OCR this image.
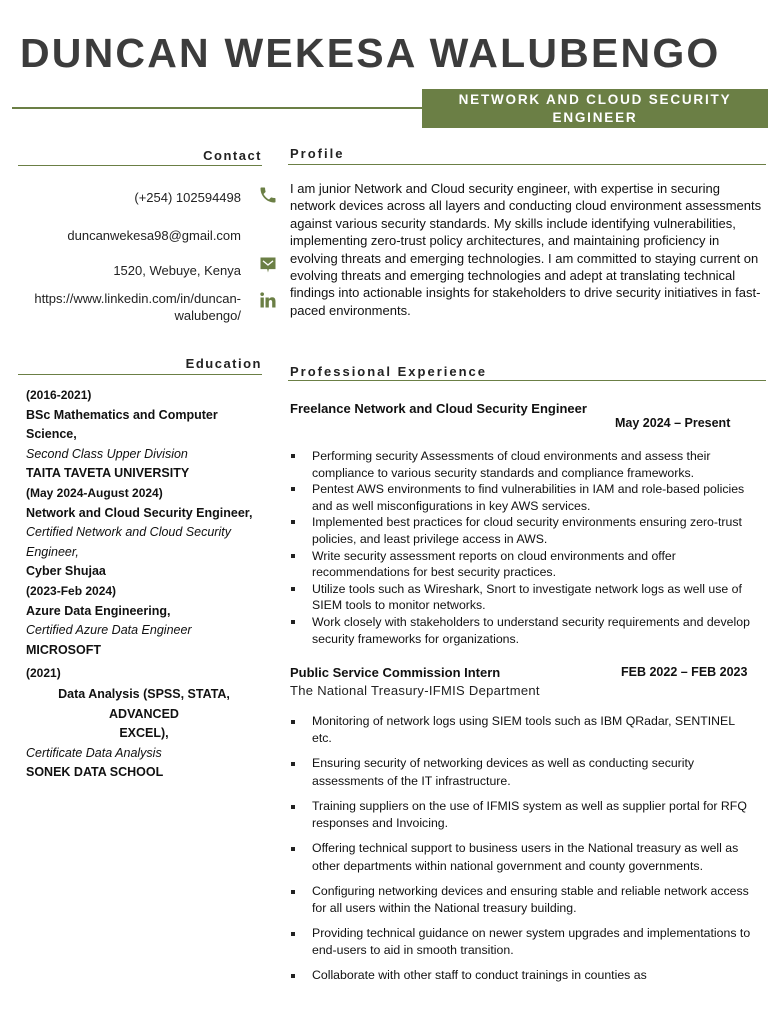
DUNCAN WEKESA WALUBENGO
NETWORK AND CLOUD SECURITY
ENGINEER
Contact
(+254) 102594498
duncanwekesa98@gmail.com
1520, Webuye, Kenya
https://www.linkedin.com/in/duncan-
walubengo/
Profile

I am junior Network and Cloud security engineer, with expertise in securing network devices across all layers and conducting cloud environment assessments against various security standards. My skills include identifying vulnerabilities, implementing zero-trust policy architectures, and maintaining proficiency in evolving threats and emerging technologies. I am committed to staying current on evolving threats and emerging technologies and adept at translating technical findings into actionable insights for stakeholders to drive security initiatives in fast-paced environments.

Education
(2016-2021)
BSc Mathematics and Computer Science,
Second Class Upper Division
TAITA TAVETA UNIVERSITY
(May 2024-August 2024)
Network and Cloud Security Engineer,
Certified Network and Cloud Security Engineer,
Cyber Shujaa
(2023-Feb 2024)
Azure Data Engineering,
Certified Azure Data Engineer
MICROSOFT
(2021)
Data Analysis (SPSS, STATA, ADVANCED
EXCEL),
Certificate Data Analysis
SONEK DATA SCHOOL
Professional Experience
Freelance Network and Cloud Security Engineer
May 2024 – Present
Performing security Assessments of cloud environments and assess their compliance to various security standards and compliance frameworks.
Pentest AWS environments to find vulnerabilities in IAM and role-based policies and as well misconfigurations in key AWS services.
Implemented best practices for cloud security environments ensuring zero-trust policies, and least privilege access in AWS.
Write security assessment reports on cloud environments and offer recommendations for best security practices.
Utilize tools such as Wireshark, Snort to investigate network logs as well use of SIEM tools to monitor networks.
Work closely with stakeholders to understand security requirements and develop security frameworks for organizations.
Public Service Commission Intern	FEB 2022 – FEB 2023
The National Treasury-IFMIS Department
Monitoring of network logs using SIEM tools such as IBM QRadar, SENTINEL etc.
Ensuring security of networking devices as well as conducting security assessments of the IT infrastructure.
Training suppliers on the use of IFMIS system as well as supplier portal for RFQ responses and Invoicing.
Offering technical support to business users in the National treasury as well as other departments within national government and county governments.
Configuring networking devices and ensuring stable and reliable network access for all users within the National treasury building.
Providing technical guidance on newer system upgrades and implementations to end-users to aid in smooth transition.
Collaborate with other staff to conduct trainings in counties as
